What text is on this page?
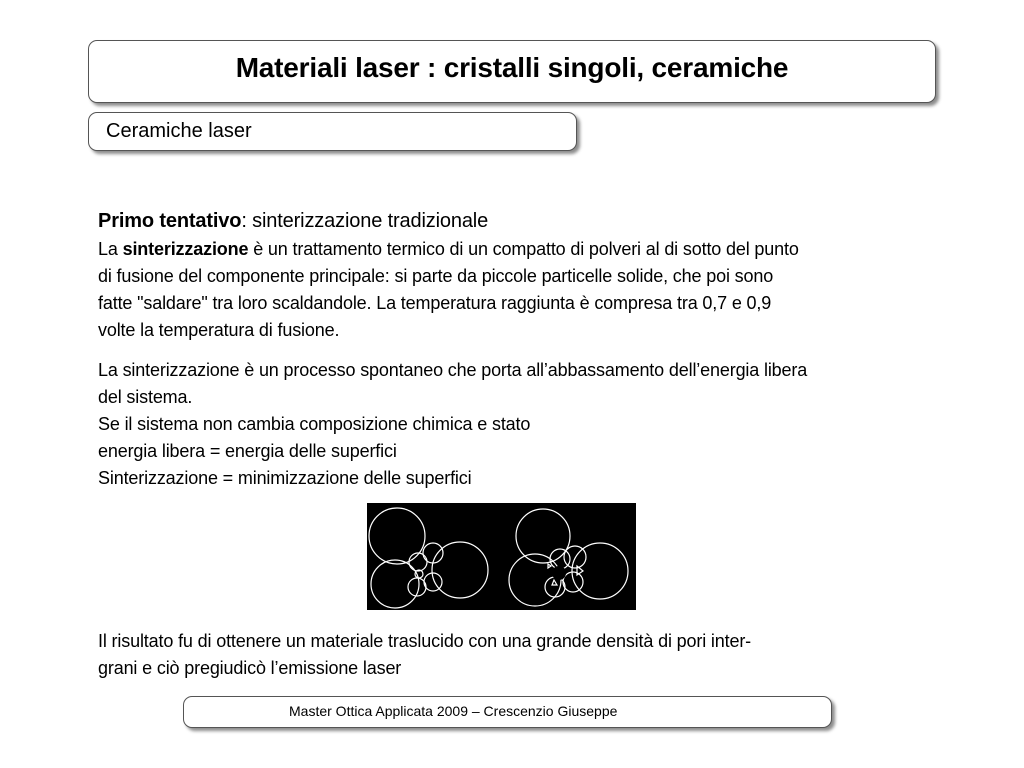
Materiali laser : cristalli singoli, ceramiche
Ceramiche laser
Primo tentativo: sinterizzazione tradizionale
La sinterizzazione è un trattamento termico di un compatto di polveri al di sotto del punto
di fusione del componente principale: si parte da piccole particelle solide, che poi sono
fatte "saldare" tra loro scaldandole. La temperatura raggiunta è compresa tra 0,7 e 0,9
volte la temperatura di fusione.
La sinterizzazione è un processo spontaneo che porta all’abbassamento dell’energia libera
del sistema.
Se il sistema non cambia composizione chimica e stato
energia libera = energia delle superfici
Sinterizzazione = minimizzazione delle superfici
Il risultato fu di ottenere un materiale traslucido con una grande densità di pori inter-
grani e ciò pregiudicò l’emissione laser
Master Ottica Applicata 2009 – Crescenzio Giuseppe
